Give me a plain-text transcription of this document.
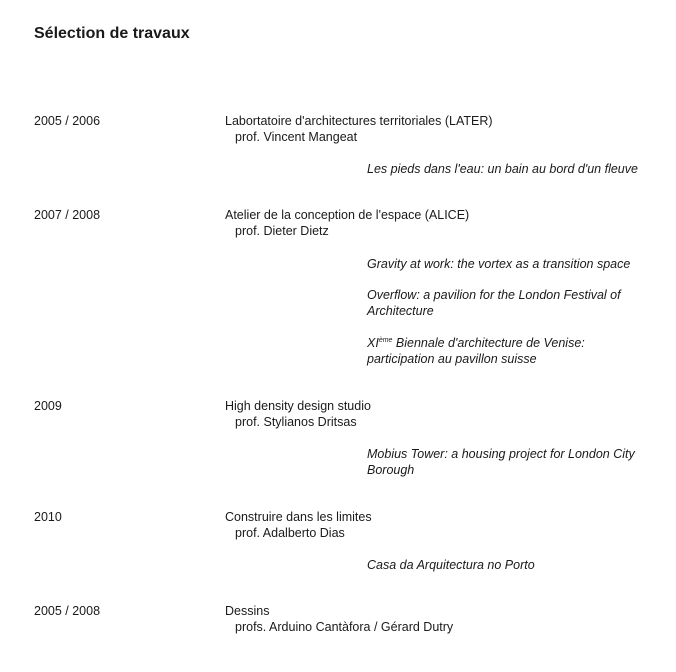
Sélection de travaux
2005 / 2006	Labortatoire d'architectures territoriales (LATER)
prof. Vincent Mangeat
Les pieds dans l'eau: un bain au bord d'un fleuve
2007 / 2008	Atelier de la conception de l'espace (ALICE)
prof. Dieter Dietz
Gravity at work: the vortex as a transition space
Overflow: a pavilion for the London Festival of Architecture
XIème Biennale d'architecture de Venise: participation au pavillon suisse
2009	High density design studio
prof. Stylianos Dritsas
Mobius Tower: a housing project for London City Borough
2010	Construire dans les limites
prof. Adalberto Dias
Casa da Arquitectura no Porto
2005 / 2008	Dessins
profs. Arduino Cantàfora / Gérard Dutry
